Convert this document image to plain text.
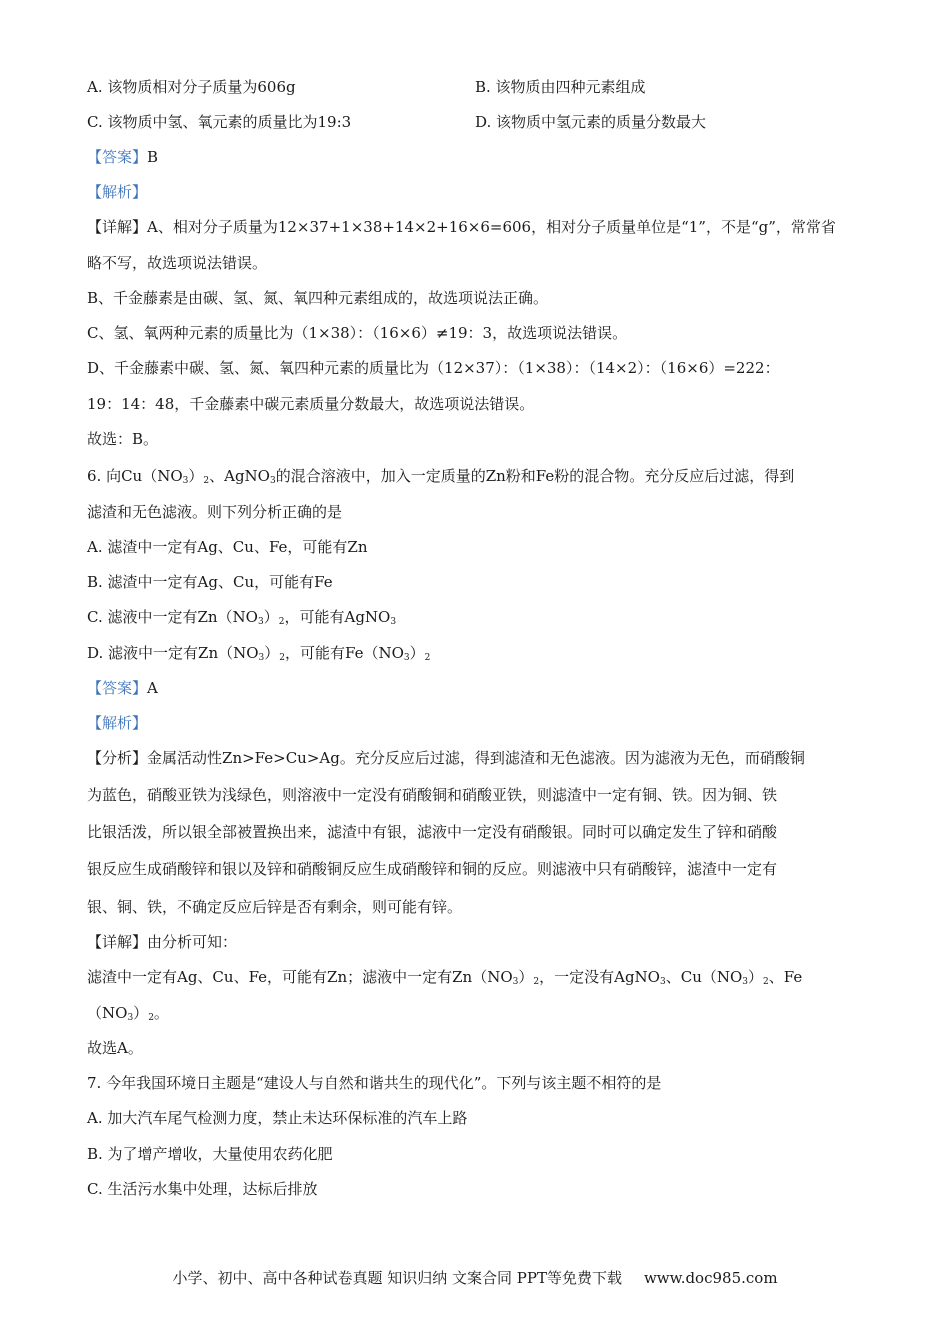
A. 该物质相对分子质量为606g	B. 该物质由四种元素组成
C. 该物质中氢、氧元素的质量比为19:3	D. 该物质中氢元素的质量分数最大
【答案】B
【解析】
【详解】A、相对分子质量为12×37+1×38+14×2+16×6=606，相对分子质量单位是“1”，不是“g”，常常省
略不写，故选项说法错误。
B、千金藤素是由碳、氢、氮、氧四种元素组成的，故选项说法正确。
C、氢、氧两种元素的质量比为（1×38）：（16×6）≠19：3，故选项说法错误。
D、千金藤素中碳、氢、氮、氧四种元素的质量比为（12×37）：（1×38）：（14×2）：（16×6）=222：
19：14：48，千金藤素中碳元素质量分数最大，故选项说法错误。
故选：B。
6. 向$Cu(NO_3)_2$、AgNO$_3$的混合溶液中，加入一定质量的Zn粉和Fe粉的混合物。充分反应后过滤，得到
滤渣和无色滤液。则下列分析正确的是
A. 滤渣中一定有Ag、Cu、Fe，可能有Zn
B. 滤渣中一定有Ag、Cu，可能有Fe
C. 滤液中一定有$Zn(NO_3)_2$，可能有AgNO$_3$
D. 滤液中一定有$Zn(NO_3)_2$，可能有$Fe(NO_3)_2$
【答案】A
【解析】
【分析】金属活动性Zn>Fe>Cu>Ag。充分反应后过滤，得到滤渣和无色滤液。因为滤液为无色，而硝酸铜
为蓝色，硝酸亚铁为浅绿色，则溶液中一定没有硝酸铜和硝酸亚铁，则滤渣中一定有铜、铁。因为铜、铁
比银活泼，所以银全部被置换出来，滤渣中有银，滤液中一定没有硝酸银。同时可以确定发生了锌和硝酸
银反应生成硝酸锌和银以及锌和硝酸铜反应生成硝酸锌和铜的反应。则滤液中只有硝酸锌，滤渣中一定有
银、铜、铁，不确定反应后锌是否有剩余，则可能有锌。
【详解】由分析可知：
滤渣中一定有Ag、Cu、Fe，可能有Zn；滤液中一定有$Zn(NO_3)_2$，一定没有AgNO$_3$、$Cu(NO_3)_2$、Fe
$(NO_3)_2$。
故选A。
7. 今年我国环境日主题是“建设人与自然和谐共生的现代化”。下列与该主题不相符的是
A. 加大汽车尾气检测力度，禁止未达环保标准的汽车上路
B. 为了增产增收，大量使用农药化肥
C. 生活污水集中处理，达标后排放
小学、初中、高中各种试卷真题 知识归纳 文案合同 PPT等免费下载 www.doc985.com
